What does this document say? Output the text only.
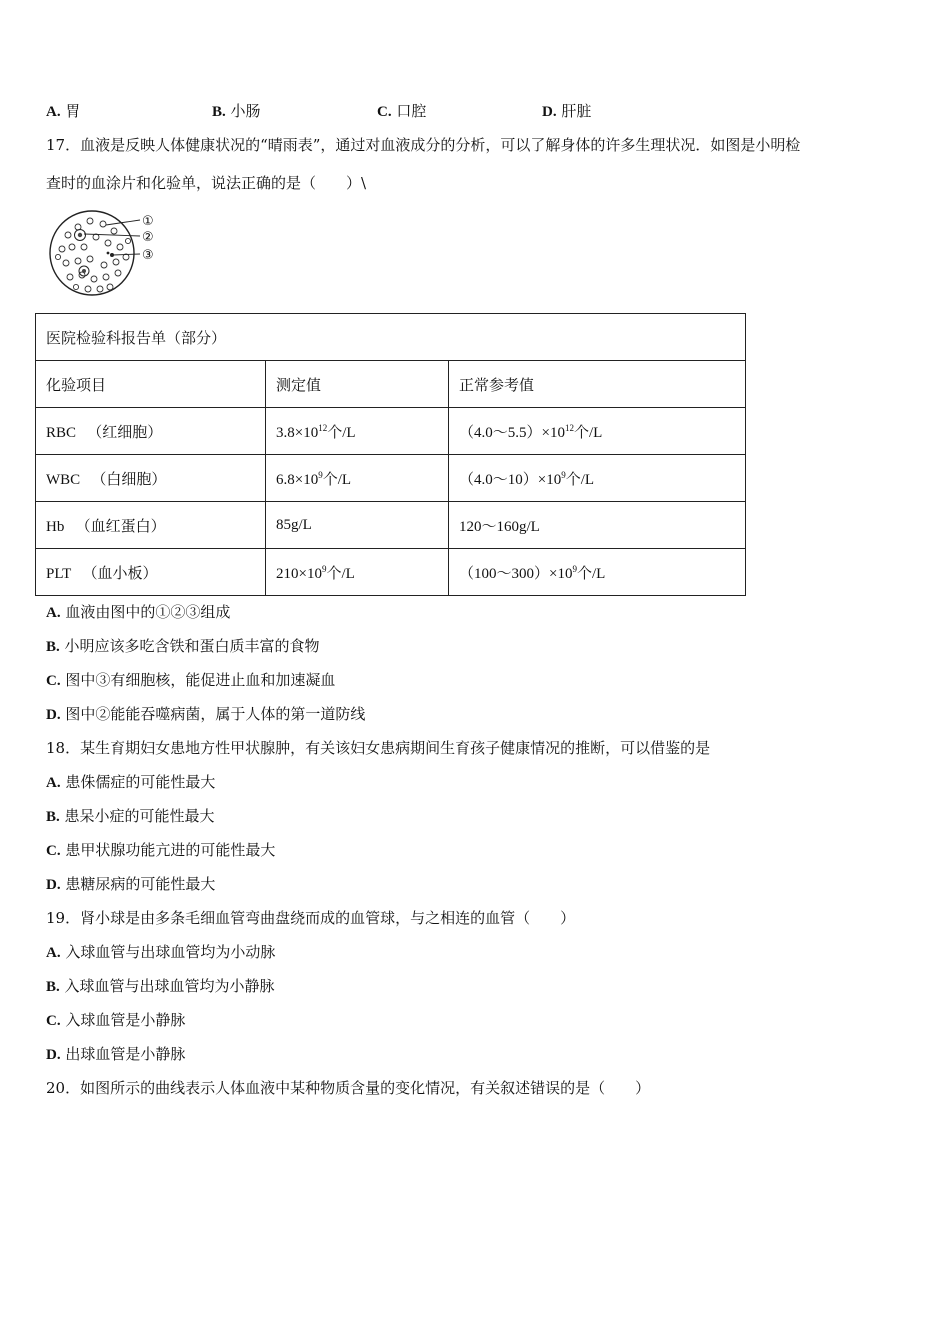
A. 胃	B. 小肠	C. 口腔	D. 肝脏
17．血液是反映人体健康状况的“晴雨表”，通过对血液成分的分析，可以了解身体的许多生理状况．如图是小明检
查时的血涂片和化验单，说法正确的是（　　）\
①
②
③
医院检验科报告单（部分）		
化验项目	测定值	正常参考值
RBC （红细胞）	$3.8\times 10^{12}$个/L	$(4.0\sim 5.5)\times 10^{12}$个/L
WBC （白细胞）	$6.8\times 10^9$个/L	$(4.0\sim 10)\times 10^9$个/L
Hb （血红蛋白）	85g/L	120～160g/L
PLT （血小板）	$210\times 10^9$个/L	$(100\sim 300)\times 10^9$个/L
A. 血液由图中的①②③组成
B. 小明应该多吃含铁和蛋白质丰富的食物
C. 图中③有细胞核，能促进止血和加速凝血
D. 图中②能能吞噬病菌，属于人体的第一道防线
18．某生育期妇女患地方性甲状腺肿，有关该妇女患病期间生育孩子健康情况的推断，可以借鉴的是
A. 患侏儒症的可能性最大
B. 患呆小症的可能性最大
C. 患甲状腺功能亢进的可能性最大
D. 患糖尿病的可能性最大
19．肾小球是由多条毛细血管弯曲盘绕而成的血管球，与之相连的血管（　　）
A. 入球血管与出球血管均为小动脉
B. 入球血管与出球血管均为小静脉
C. 入球血管是小静脉
D. 出球血管是小静脉
20．如图所示的曲线表示人体血液中某种物质含量的变化情况，有关叙述错误的是（　　）
